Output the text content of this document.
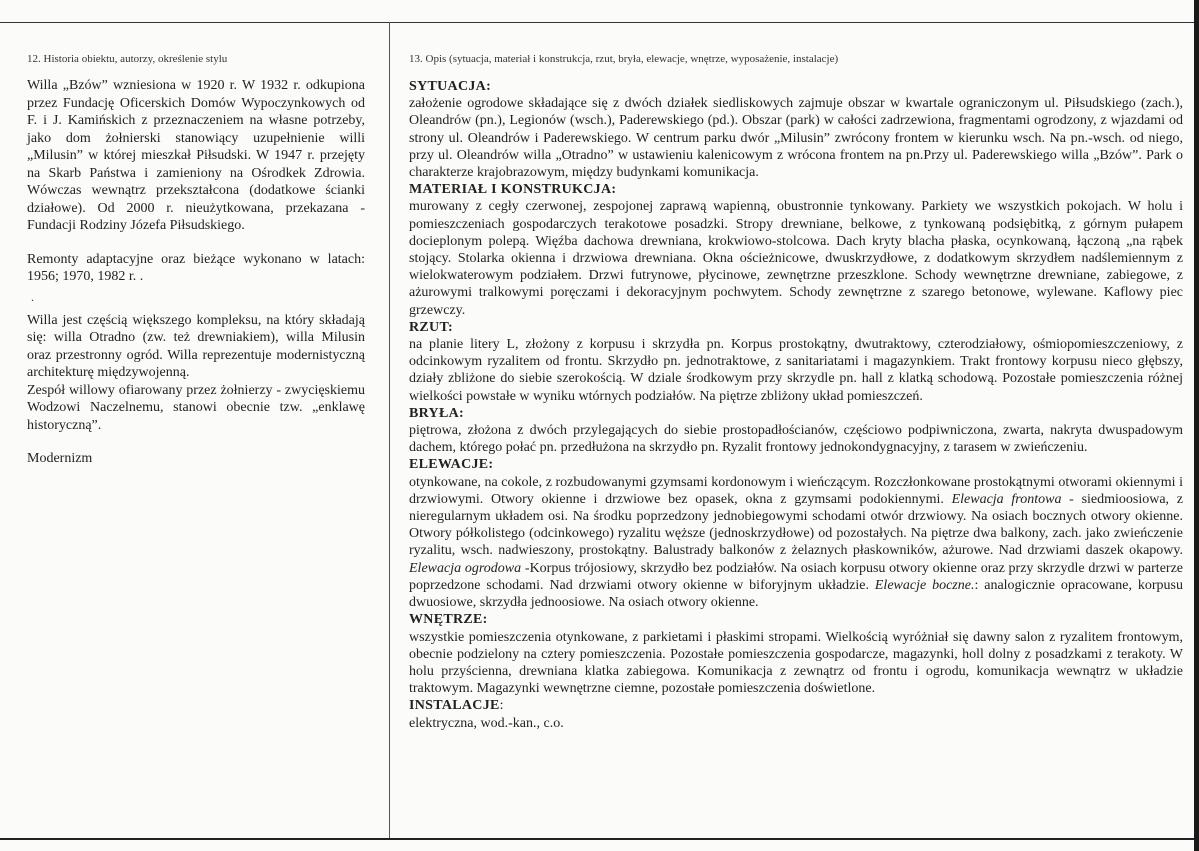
12. Historia obiektu, autorzy, określenie stylu	13. Opis (sytuacja, materiał i konstrukcja, rzut, bryła, elewacje, wnętrze, wyposażenie, instalacje)

Willa „Bzów” wzniesiona w 1920 r. W 1932 r. odkupiona przez Fundację Oficerskich Domów Wypoczynkowych od F. i J. Kamińskich z przeznaczeniem na własne potrzeby, jako dom żołnierski stanowiący uzupełnienie willi „Milusin” w której mieszkał Piłsudski. W 1947 r. przejęty na Skarb Państwa i zamieniony na Ośrodkek Zdrowia. Wówczas wewnątrz przekształcona (dodatkowe ścianki działowe). Od 2000 r. nieużytkowana, przekazana - Fundacji Rodziny Józefa Piłsudskiego.

Remonty adaptacyjne oraz bieżące wykonano w latach: 1956; 1970, 1982 r. .

.

Willa jest częścią większego kompleksu, na który składają się: willa Otradno (zw. też drewniakiem), willa Milusin oraz przestronny ogród. Willa reprezentuje modernistyczną architekturę międzywojenną.

Zespół willowy ofiarowany przez żołnierzy - zwycięskiemu Wodzowi Naczelnemu, stanowi obecnie tzw. „enklawę historyczną”.

Modernizm

SYTUACJA:

założenie ogrodowe składające się z dwóch działek siedliskowych zajmuje obszar w kwartale ograniczonym ul. Piłsudskiego (zach.), Oleandrów (pn.), Legionów (wsch.), Paderewskiego (pd.). Obszar (park) w całości zadrzewiona, fragmentami ogrodzony, z wjazdami od strony ul. Oleandrów i Paderewskiego. W centrum parku dwór „Milusin” zwrócony frontem w kierunku wsch. Na pn.-wsch. od niego, przy ul. Oleandrów willa „Otradno” w ustawieniu kalenicowym z wrócona frontem na pn.Przy ul. Paderewskiego willa „Bzów”. Park o charakterze krajobrazowym, między budynkami komunikacja.

MATERIAŁ I KONSTRUKCJA:

murowany z cegły czerwonej, zespojonej zaprawą wapienną, obustronnie tynkowany. Parkiety we wszystkich pokojach. W holu i pomieszczeniach gospodarczych terakotowe posadzki. Stropy drewniane, belkowe, z tynkowaną podsiębitką, z górnym pułapem docieplonym polepą. Więźba dachowa drewniana, krokwiowo-stolcowa. Dach kryty blacha płaska, ocynkowaną, łączoną „na rąbek stojący. Stolarka okienna i drzwiowa drewniana. Okna ościeżnicowe, dwuskrzydłowe, z dodatkowym skrzydłem nadślemiennym z wielokwaterowym podziałem. Drzwi futrynowe, płycinowe, zewnętrzne przeszklone. Schody wewnętrzne drewniane, zabiegowe, z ażurowymi tralkowymi poręczami i dekoracyjnym pochwytem. Schody zewnętrzne z szarego betonowe, wylewane. Kaflowy piec grzewczy.

RZUT:

na planie litery L, złożony z korpusu i skrzydła pn. Korpus prostokątny, dwutraktowy, czterodziałowy, ośmiopomieszczeniowy, z odcinkowym ryzalitem od frontu. Skrzydło pn. jednotraktowe, z sanitariatami i magazynkiem. Trakt frontowy korpusu nieco głębszy, działy zbliżone do siebie szerokością. W dziale środkowym przy skrzydle pn. hall z klatką schodową. Pozostałe pomieszczenia różnej wielkości powstałe w wyniku wtórnych podziałów. Na piętrze zbliżony układ pomieszczeń.

BRYŁA:

piętrowa, złożona z dwóch przylegających do siebie prostopadłościanów, częściowo podpiwniczona, zwarta, nakryta dwuspadowym dachem, którego połać pn. przedłużona na skrzydło pn. Ryzalit frontowy jednokondygnacyjny, z tarasem w zwieńczeniu.

ELEWACJE:

otynkowane, na cokole, z rozbudowanymi gzymsami kordonowym i wieńczącym. Rozczłonkowane prostokątnymi otworami okiennymi i drzwiowymi. Otwory okienne i drzwiowe bez opasek, okna z gzymsami podokiennymi. Elewacja frontowa - siedmioosiowa, z nieregularnym układem osi. Na środku poprzedzony jednobiegowymi schodami otwór drzwiowy. Na osiach bocznych otwory okienne. Otwory półkolistego (odcinkowego) ryzalitu węższe (jednoskrzydłowe) od pozostałych. Na piętrze dwa balkony, zach. jako zwieńczenie ryzalitu, wsch. nadwieszony, prostokątny. Balustrady balkonów z żelaznych płaskowników, ażurowe. Nad drzwiami daszek okapowy. Elewacja ogrodowa -Korpus trójosiowy, skrzydło bez podziałów. Na osiach korpusu otwory okienne oraz przy skrzydle drzwi w parterze poprzedzone schodami. Nad drzwiami otwory okienne w biforyjnym układzie. Elewacje boczne.: analogicznie opracowane, korpusu dwuosiowe, skrzydła jednoosiowe. Na osiach otwory okienne.

WNĘTRZE:

wszystkie pomieszczenia otynkowane, z parkietami i płaskimi stropami. Wielkością wyróżniał się dawny salon z ryzalitem frontowym, obecnie podzielony na cztery pomieszczenia. Pozostałe pomieszczenia gospodarcze, magazynki, holl dolny z posadzkami z terakoty. W holu przyścienna, drewniana klatka zabiegowa. Komunikacja z zewnątrz od frontu i ogrodu, komunikacja wewnątrz w układzie traktowym. Magazynki wewnętrzne ciemne, pozostałe pomieszczenia doświetlone.

INSTALACJE:

elektryczna, wod.-kan., c.o.
